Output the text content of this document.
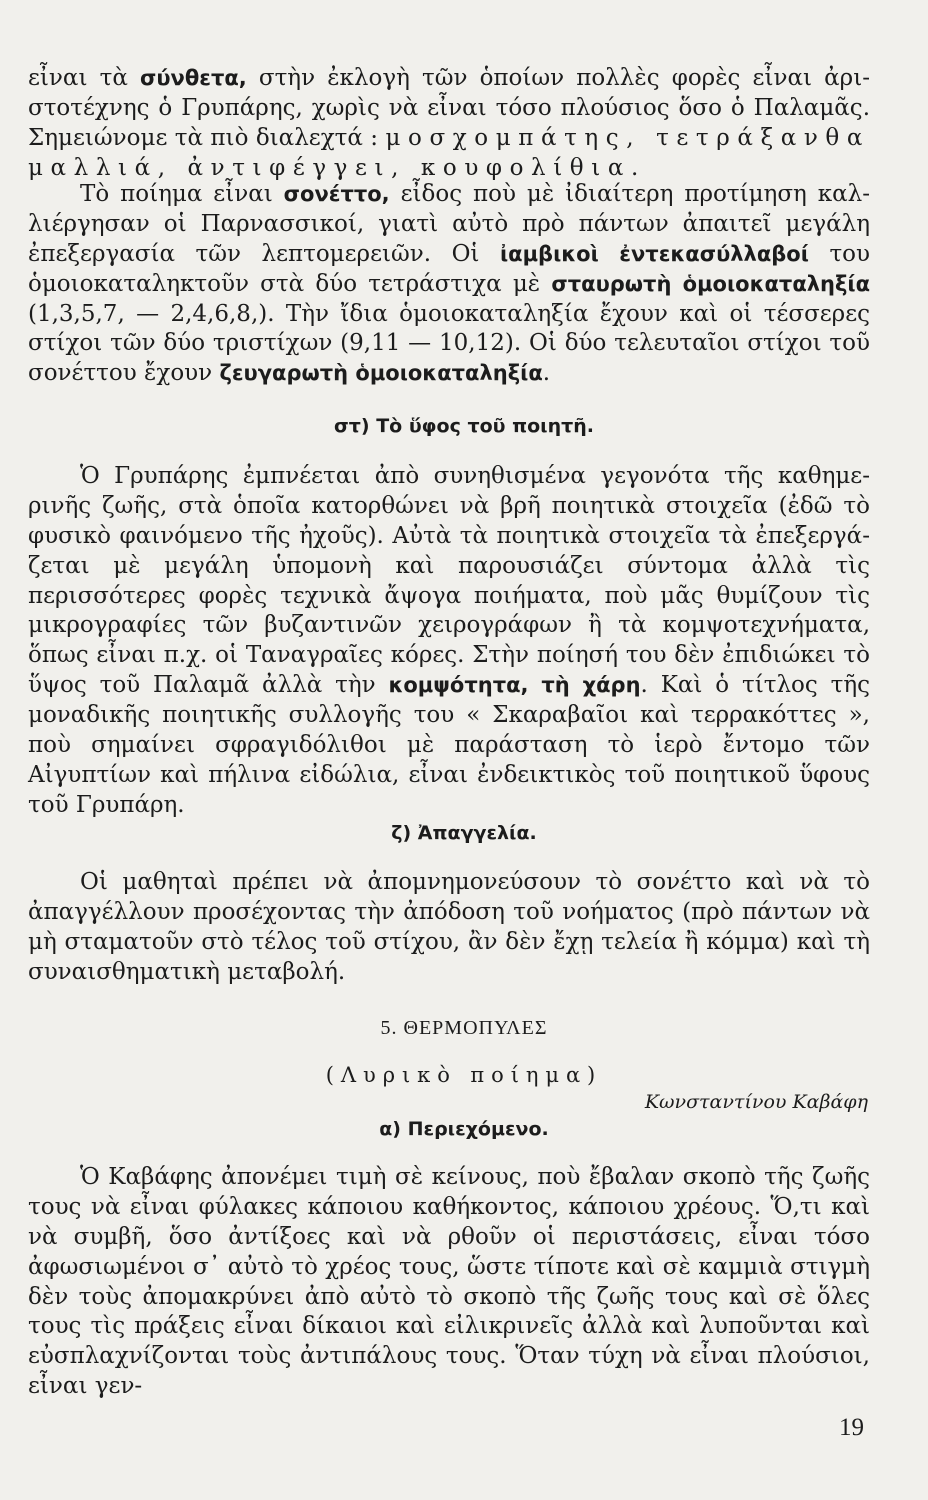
εἶναι τὰ σύνθετα, στὴν ἐκλογὴ τῶν ὁποίων πολλὲς φορὲς εἶναι ἀριστοτέχνης ὁ Γρυπάρης, χωρὶς νὰ εἶναι τόσο πλούσιος ὅσο ὁ Παλαμᾶς. Σημειώνομε τὰ πιὸ διαλεχτά : μοσχομπάτης, τετράξανθα μαλλιά, ἀντιφέγγει, κουφολίθια.

Τὸ ποίημα εἶναι σονέττο, εἶδος ποὺ μὲ ἰδιαίτερη προτίμηση καλλιέργησαν οἱ Παρνασσικοί, γιατὶ αὐτὸ πρὸ πάντων ἀπαιτεῖ μεγάλη ἐπεξεργασία τῶν λεπτομερειῶν. Οἱ ἰαμβικοὶ ἐντεκασύλλαβοί του ὁμοιοκαταληκτοῦν στὰ δύο τετράστιχα μὲ σταυρωτὴ ὁμοιοκαταληξία (1,3,5,7, — 2,4,6,8,). Τὴν ἴδια ὁμοιοκαταληξία ἔχουν καὶ οἱ τέσσερες στίχοι τῶν δύο τριστίχων (9,11 — 10,12). Οἱ δύο τελευταῖοι στίχοι τοῦ σονέττου ἔχουν ζευγαρωτὴ ὁμοιοκαταληξία.

στ) Τὸ ὕφος τοῦ ποιητῆ.

Ὁ Γρυπάρης ἐμπνέεται ἀπὸ συνηθισμένα γεγονότα τῆς καθημερινῆς ζωῆς, στὰ ὁποῖα κατορθώνει νὰ βρῆ ποιητικὰ στοιχεῖα (ἐδῶ τὸ φυσικὸ φαινόμενο τῆς ἠχοῦς). Αὐτὰ τὰ ποιητικὰ στοιχεῖα τὰ ἐπεξεργάζεται μὲ μεγάλη ὑπομονὴ καὶ παρουσιάζει σύντομα ἀλλὰ τὶς περισσότερες φορὲς τεχνικὰ ἄψογα ποιήματα, ποὺ μᾶς θυμίζουν τὶς μικρογραφίες τῶν βυζαντινῶν χειρογράφων ἢ τὰ κομψοτεχνήματα, ὅπως εἶναι π.χ. οἱ Ταναγραῖες κόρες. Στὴν ποίησή του δὲν ἐπιδιώκει τὸ ὕψος τοῦ Παλαμᾶ ἀλλὰ τὴν κομψότητα, τὴ χάρη. Καὶ ὁ τίτλος τῆς μοναδικῆς ποιητικῆς συλλογῆς του « Σκαραβαῖοι καὶ τερρακόττες », ποὺ σημαίνει σφραγιδόλιθοι μὲ παράσταση τὸ ἱερὸ ἔντομο τῶν Αἰγυπτίων καὶ πήλινα εἰδώλια, εἶναι ἐνδεικτικὸς τοῦ ποιητικοῦ ὕφους τοῦ Γρυπάρη.

ζ) Ἀπαγγελία.

Οἱ μαθηταὶ πρέπει νὰ ἀπομνημονεύσουν τὸ σονέττο καὶ νὰ τὸ ἀπαγγέλλουν προσέχοντας τὴν ἀπόδοση τοῦ νοήματος (πρὸ πάντων νὰ μὴ σταματοῦν στὸ τέλος τοῦ στίχου, ἂν δὲν ἔχῃ τελεία ἢ κόμμα) καὶ τὴ συναισθηματικὴ μεταβολή.

5. ΘΕΡΜΟΠΥΛΕΣ
(Λυρικὸ ποίημα)
Κωνσταντίνου Καβάφη
α) Περιεχόμενο.

Ὁ Καβάφης ἀπονέμει τιμὴ σὲ κείνους, ποὺ ἔβαλαν σκοπὸ τῆς ζωῆς τους νὰ εἶναι φύλακες κάποιου καθήκοντος, κάποιου χρέους. Ὅ,τι καὶ νὰ συμβῆ, ὅσο ἀντίξοες καὶ νὰ ρθοῦν οἱ περιστάσεις, εἶναι τόσο ἀφωσιωμένοι σ᾽ αὐτὸ τὸ χρέος τους, ὥστε τίποτε καὶ σὲ καμμιὰ στιγμὴ δὲν τοὺς ἀπομακρύνει ἀπὸ αὐτὸ τὸ σκοπὸ τῆς ζωῆς τους καὶ σὲ ὅλες τους τὶς πράξεις εἶναι δίκαιοι καὶ εἰλικρινεῖς ἀλλὰ καὶ λυποῦνται καὶ εὐσπλαχνίζονται τοὺς ἀντιπάλους τους. Ὅταν τύχη νὰ εἶναι πλούσιοι, εἶναι γεν-

19
